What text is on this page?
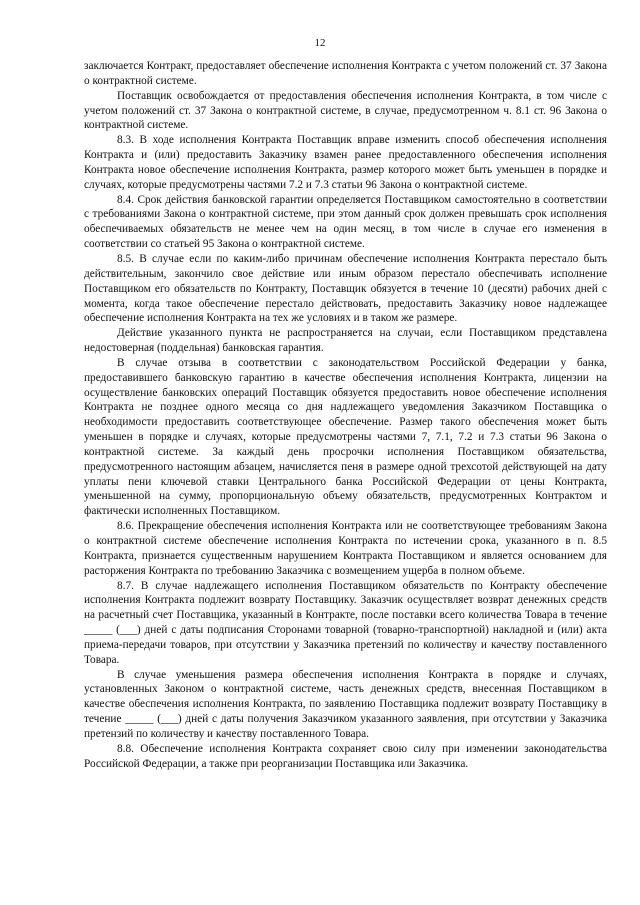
12

заключается Контракт, предоставляет обеспечение исполнения Контракта с учетом положений ст. 37 Закона о контрактной системе.

Поставщик освобождается от предоставления обеспечения исполнения Контракта, в том числе с учетом положений ст. 37 Закона о контрактной системе, в случае, предусмотренном ч. 8.1 ст. 96 Закона о контрактной системе.

8.3. В ходе исполнения Контракта Поставщик вправе изменить способ обеспечения исполнения Контракта и (или) предоставить Заказчику взамен ранее предоставленного обеспечения исполнения Контракта новое обеспечение исполнения Контракта, размер которого может быть уменьшен в порядке и случаях, которые предусмотрены частями 7.2 и 7.3 статьи 96 Закона о контрактной системе.

8.4. Срок действия банковской гарантии определяется Поставщиком самостоятельно в соответствии с требованиями Закона о контрактной системе, при этом данный срок должен превышать срок исполнения обеспечиваемых обязательств не менее чем на один месяц, в том числе в случае его изменения в соответствии со статьей 95 Закона о контрактной системе.

8.5. В случае если по каким-либо причинам обеспечение исполнения Контракта перестало быть действительным, закончило свое действие или иным образом перестало обеспечивать исполнение Поставщиком его обязательств по Контракту, Поставщик обязуется в течение 10 (десяти) рабочих дней с момента, когда такое обеспечение перестало действовать, предоставить Заказчику новое надлежащее обеспечение исполнения Контракта на тех же условиях и в таком же размере.

Действие указанного пункта не распространяется на случаи, если Поставщиком представлена недостоверная (поддельная) банковская гарантия.

В случае отзыва в соответствии с законодательством Российской Федерации у банка, предоставившего банковскую гарантию в качестве обеспечения исполнения Контракта, лицензии на осуществление банковских операций Поставщик обязуется предоставить новое обеспечение исполнения Контракта не позднее одного месяца со дня надлежащего уведомления Заказчиком Поставщика о необходимости предоставить соответствующее обеспечение. Размер такого обеспечения может быть уменьшен в порядке и случаях, которые предусмотрены частями 7, 7.1, 7.2 и 7.3 статьи 96 Закона о контрактной системе. За каждый день просрочки исполнения Поставщиком обязательства, предусмотренного настоящим абзацем, начисляется пеня в размере одной трехсотой действующей на дату уплаты пени ключевой ставки Центрального банка Российской Федерации от цены Контракта, уменьшенной на сумму, пропорциональную объему обязательств, предусмотренных Контрактом и фактически исполненных Поставщиком.

8.6. Прекращение обеспечения исполнения Контракта или не соответствующее требованиям Закона о контрактной системе обеспечение исполнения Контракта по истечении срока, указанного в п. 8.5 Контракта, признается существенным нарушением Контракта Поставщиком и является основанием для расторжения Контракта по требованию Заказчика с возмещением ущерба в полном объеме.

8.7. В случае надлежащего исполнения Поставщиком обязательств по Контракту обеспечение исполнения Контракта подлежит возврату Поставщику. Заказчик осуществляет возврат денежных средств на расчетный счет Поставщика, указанный в Контракте, после поставки всего количества Товара в течение _____ (___) дней с даты подписания Сторонами товарной (товарно-транспортной) накладной и (или) акта приема-передачи товаров, при отсутствии у Заказчика претензий по количеству и качеству поставленного Товара.

В случае уменьшения размера обеспечения исполнения Контракта в порядке и случаях, установленных Законом о контрактной системе, часть денежных средств, внесенная Поставщиком в качестве обеспечения исполнения Контракта, по заявлению Поставщика подлежит возврату Поставщику в течение _____ (___) дней с даты получения Заказчиком указанного заявления, при отсутствии у Заказчика претензий по количеству и качеству поставленного Товара.

8.8. Обеспечение исполнения Контракта сохраняет свою силу при изменении законодательства Российской Федерации, а также при реорганизации Поставщика или Заказчика.
